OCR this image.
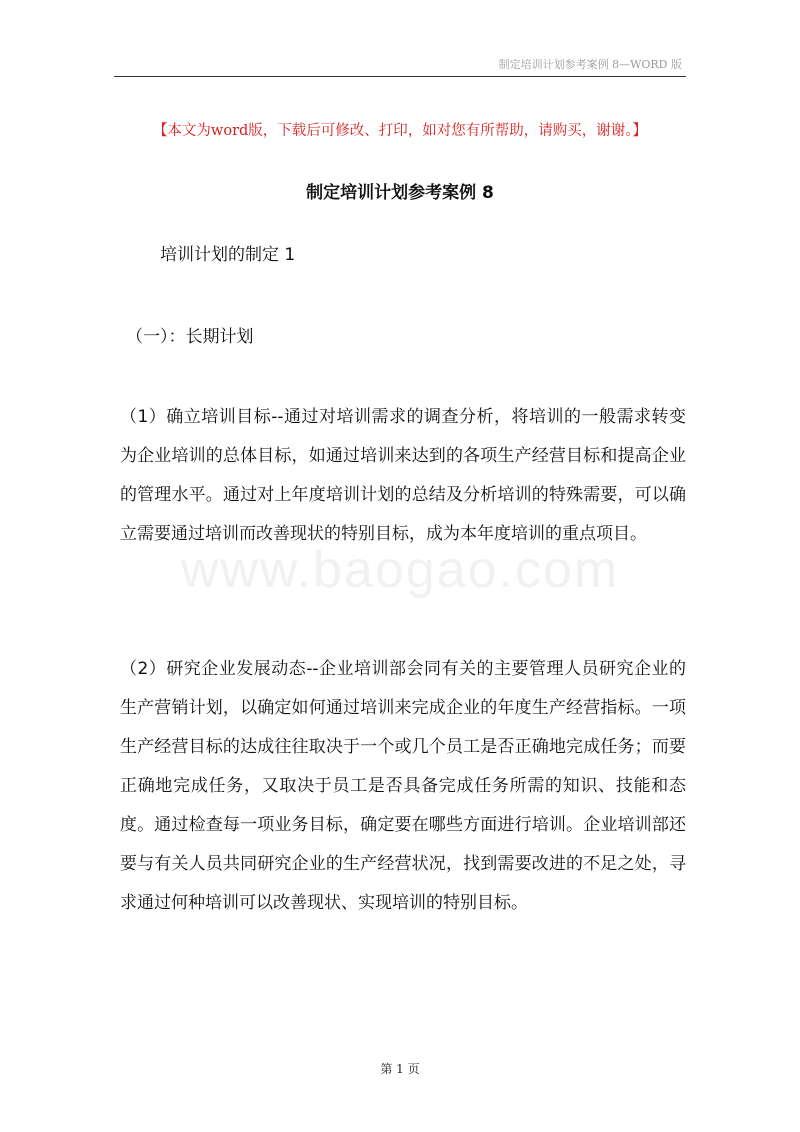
制定培训计划参考案例 8—WORD 版
www.baogao.com
【本文为word版，下载后可修改、打印，如对您有所帮助，请购买，谢谢。】
制定培训计划参考案例 8
培训计划的制定 1
（一）：长期计划

（1）确立培训目标--通过对培训需求的调查分析，将培训的一般需求转变为企业培训的总体目标，如通过培训来达到的各项生产经营目标和提高企业的管理水平。通过对上年度培训计划的总结及分析培训的特殊需要，可以确立需要通过培训而改善现状的特别目标，成为本年度培训的重点项目。

（2）研究企业发展动态--企业培训部会同有关的主要管理人员研究企业的生产营销计划，以确定如何通过培训来完成企业的年度生产经营指标。一项生产经营目标的达成往往取决于一个或几个员工是否正确地完成任务；而要正确地完成任务，又取决于员工是否具备完成任务所需的知识、技能和态度。通过检查每一项业务目标，确定要在哪些方面进行培训。企业培训部还要与有关人员共同研究企业的生产经营状况，找到需要改进的不足之处，寻求通过何种培训可以改善现状、实现培训的特别目标。

第 1 页
